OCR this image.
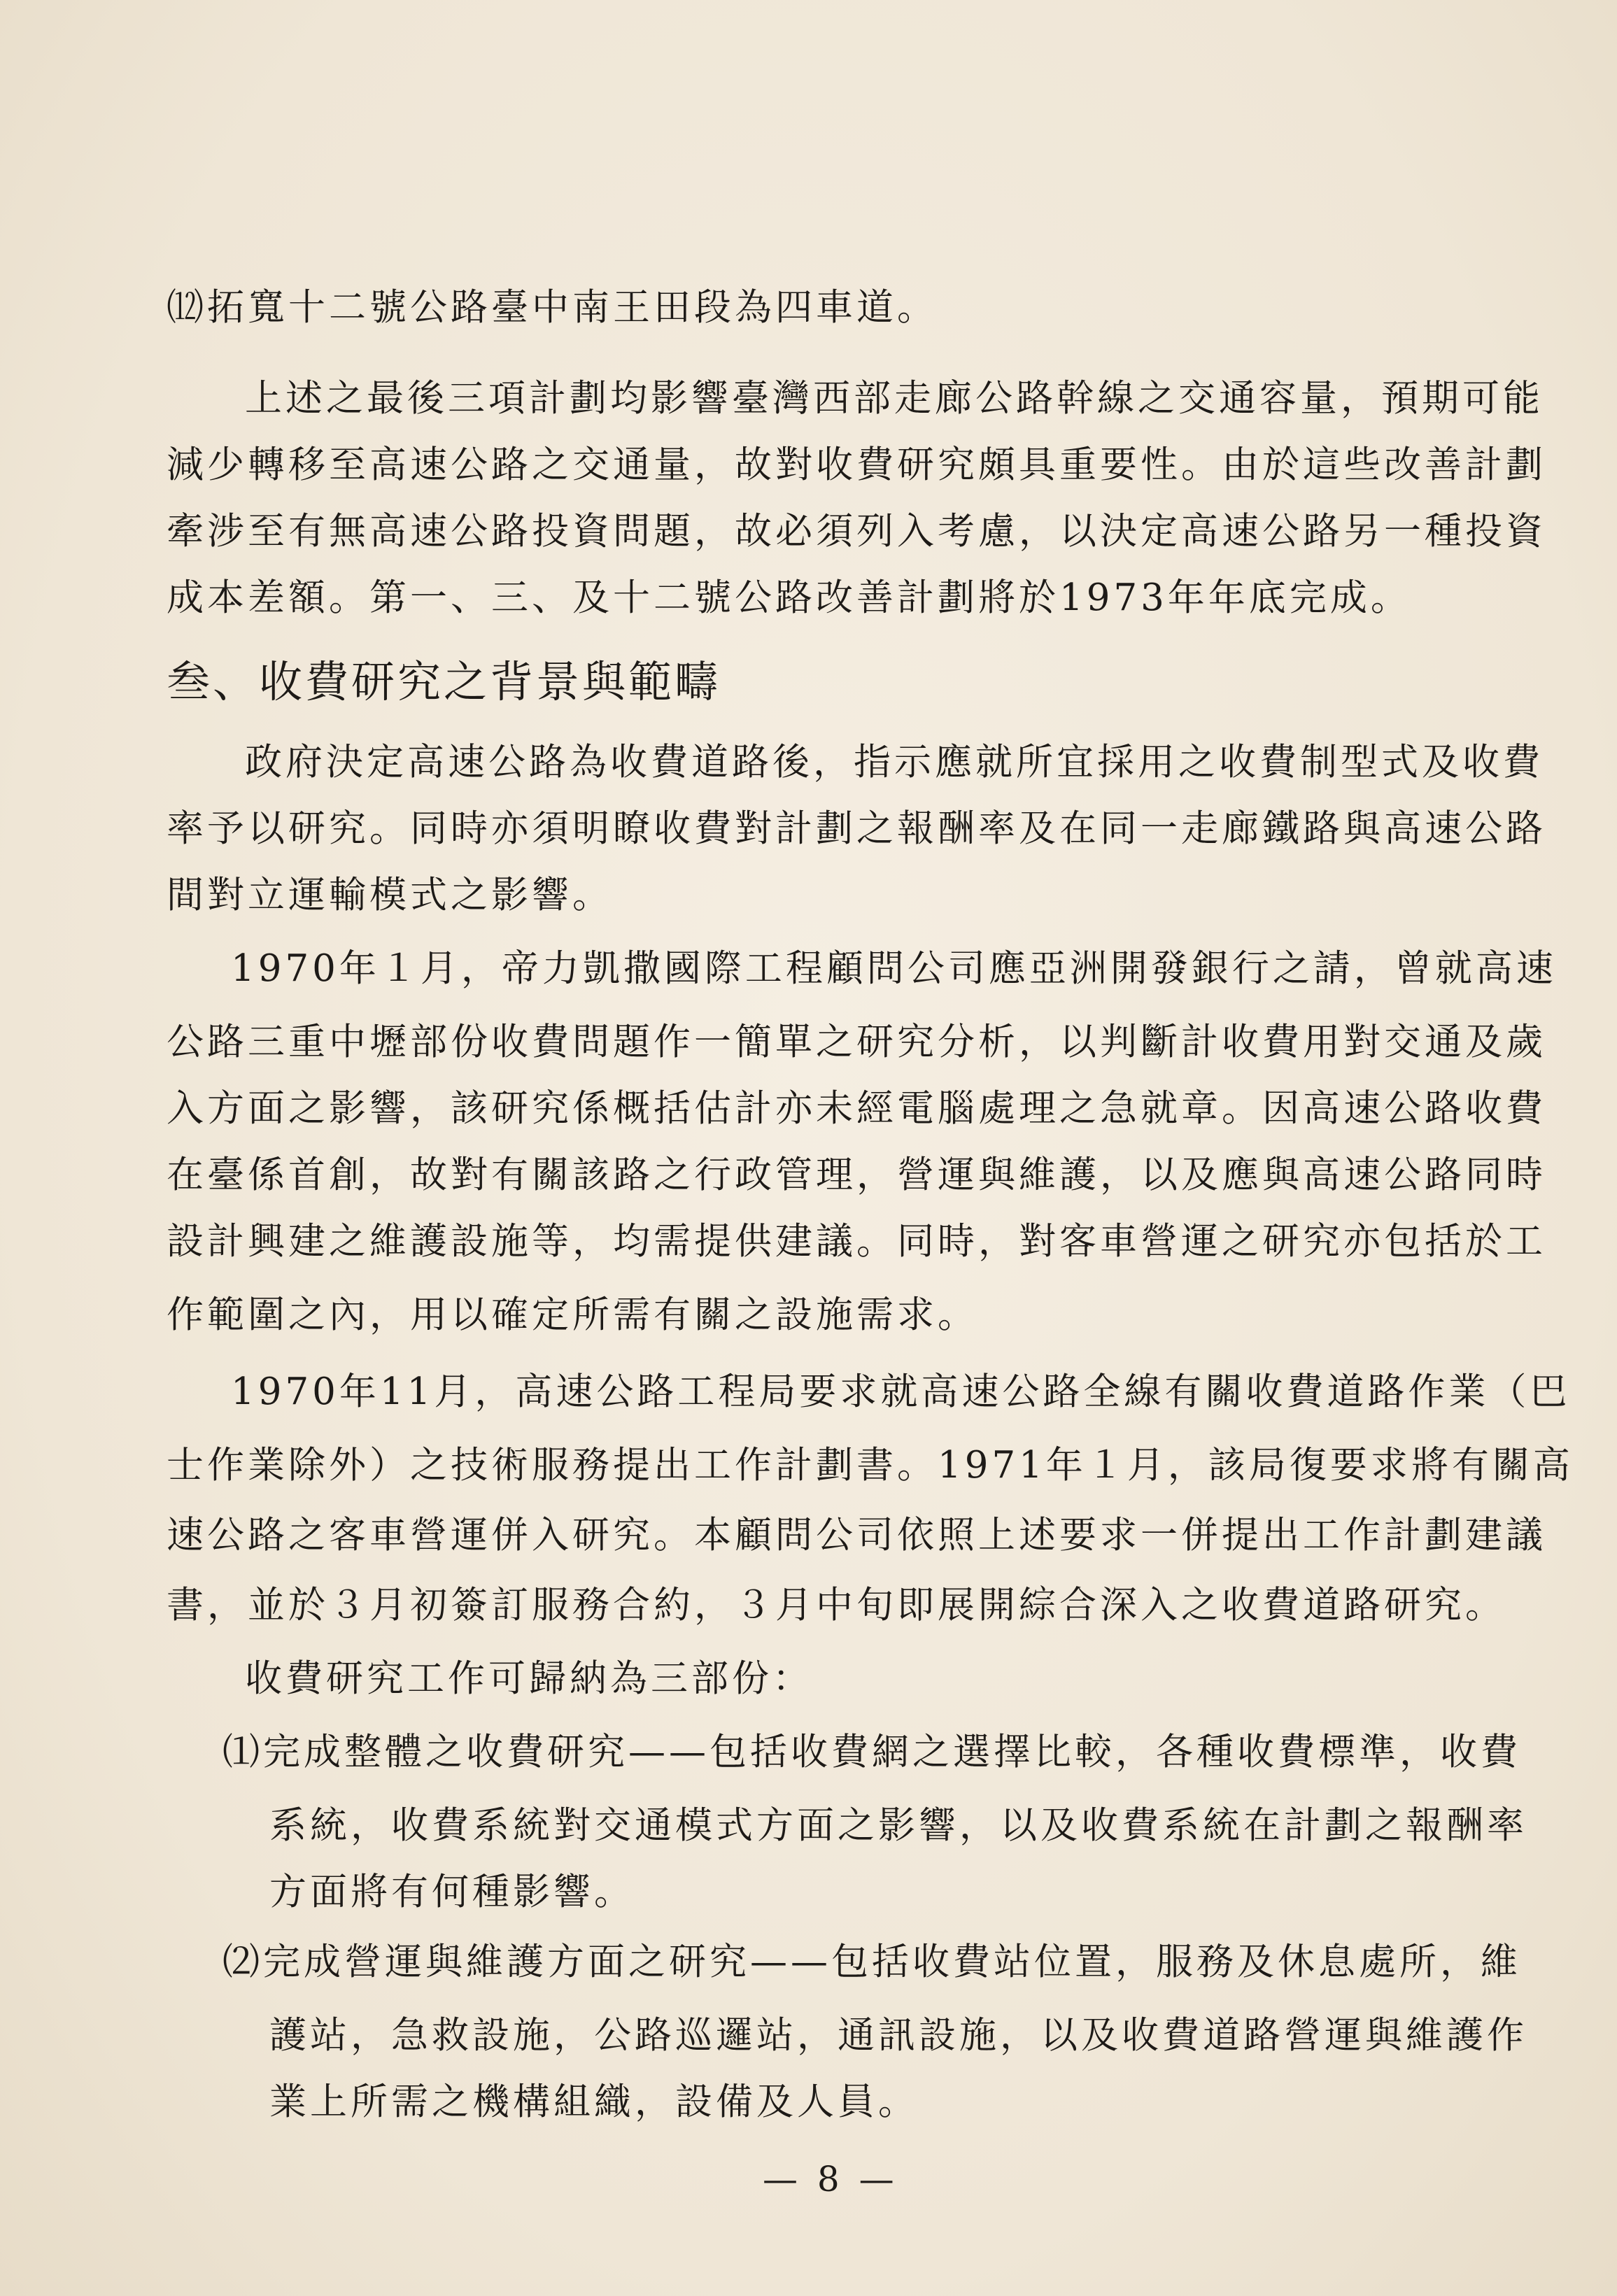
⑿拓寬十二號公路臺中南王田段為四車道。
上述之最後三項計劃均影響臺灣西部走廊公路幹線之交通容量，預期可能
減少轉移至高速公路之交通量，故對收費研究頗具重要性。由於這些改善計劃
牽涉至有無高速公路投資問題，故必須列入考慮，以決定高速公路另一種投資
成本差額。第一、三、及十二號公路改善計劃將於1973年年底完成。
叁、收費研究之背景與範疇
政府決定高速公路為收費道路後，指示應就所宜採用之收費制型式及收費
率予以研究。同時亦須明瞭收費對計劃之報酬率及在同一走廊鐵路與高速公路
間對立運輸模式之影響。
1970年１月，帝力凱撒國際工程顧問公司應亞洲開發銀行之請，曾就高速
公路三重中壢部份收費問題作一簡單之研究分析，以判斷計收費用對交通及歲
入方面之影響，該研究係概括估計亦未經電腦處理之急就章。因高速公路收費
在臺係首創，故對有關該路之行政管理，營運與維護，以及應與高速公路同時
設計興建之維護設施等，均需提供建議。同時，對客車營運之研究亦包括於工
作範圍之內，用以確定所需有關之設施需求。
1970年11月，高速公路工程局要求就高速公路全線有關收費道路作業（巴
士作業除外）之技術服務提出工作計劃書。1971年１月，該局復要求將有關高
速公路之客車營運併入研究。本顧問公司依照上述要求一併提出工作計劃建議
書，並於３月初簽訂服務合約，３月中旬即展開綜合深入之收費道路研究。
收費研究工作可歸納為三部份：
⑴完成整體之收費研究——包括收費網之選擇比較，各種收費標準，收費
系統，收費系統對交通模式方面之影響，以及收費系統在計劃之報酬率
方面將有何種影響。
⑵完成營運與維護方面之研究——包括收費站位置，服務及休息處所，維
護站，急救設施，公路巡邏站，通訊設施，以及收費道路營運與維護作
業上所需之機構組織，設備及人員。
— 8 —
